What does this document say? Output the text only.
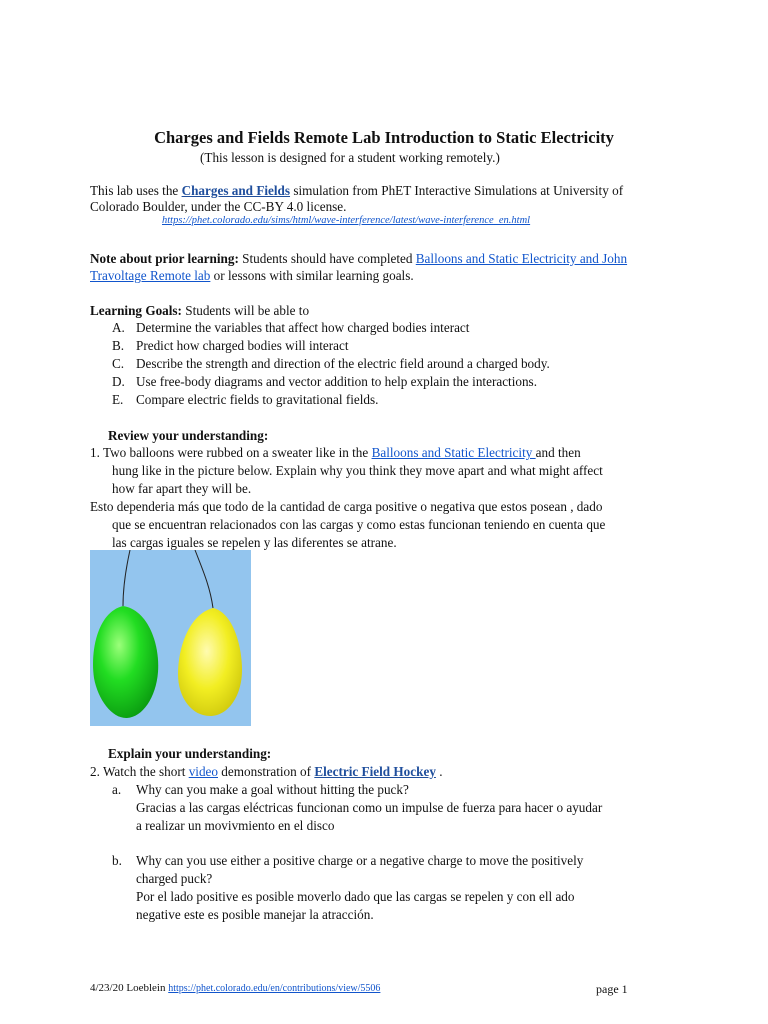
Charges and Fields Remote Lab Introduction to Static Electricity
(This lesson is designed for a student working remotely.)
This lab uses the Charges and Fields simulation from PhET Interactive Simulations at University of
Colorado Boulder, under the CC-BY 4.0 license.
https://phet.colorado.edu/sims/html/wave-interference/latest/wave-interference_en.html
Note about prior learning: Students should have completed Balloons and Static Electricity and John
Travoltage Remote lab or lessons with similar learning goals.
Learning Goals: Students will be able to
A. Determine the variables that affect how charged bodies interact
B. Predict how charged bodies will interact
C. Describe the strength and direction of the electric field around a charged body.
D. Use free-body diagrams and vector addition to help explain the interactions.
E. Compare electric fields to gravitational fields.
Review your understanding:
1. Two balloons were rubbed on a sweater like in the Balloons and Static Electricity and then
hung like in the picture below. Explain why you think they move apart and what might affect
how far apart they will be.
Esto dependeria más que todo de la cantidad de carga positive o negativa que estos posean , dado
que se encuentran relacionados con las cargas y como estas funcionan teniendo en cuenta que
las cargas iguales se repelen y las diferentes se atrane.
Explain your understanding:
2. Watch the short video demonstration of Electric Field Hockey .
a. Why can you make a goal without hitting the puck?
Gracias a las cargas eléctricas funcionan como un impulse de fuerza para hacer o ayudar
a realizar un movivmiento en el disco
b. Why can you use either a positive charge or a negative charge to move the positively
charged puck?
Por el lado positive es posible moverlo dado que las cargas se repelen y con ell ado
negative este es posible manejar la atracción.
4/23/20 Loeblein https://phet.colorado.edu/en/contributions/view/5506	page 1
